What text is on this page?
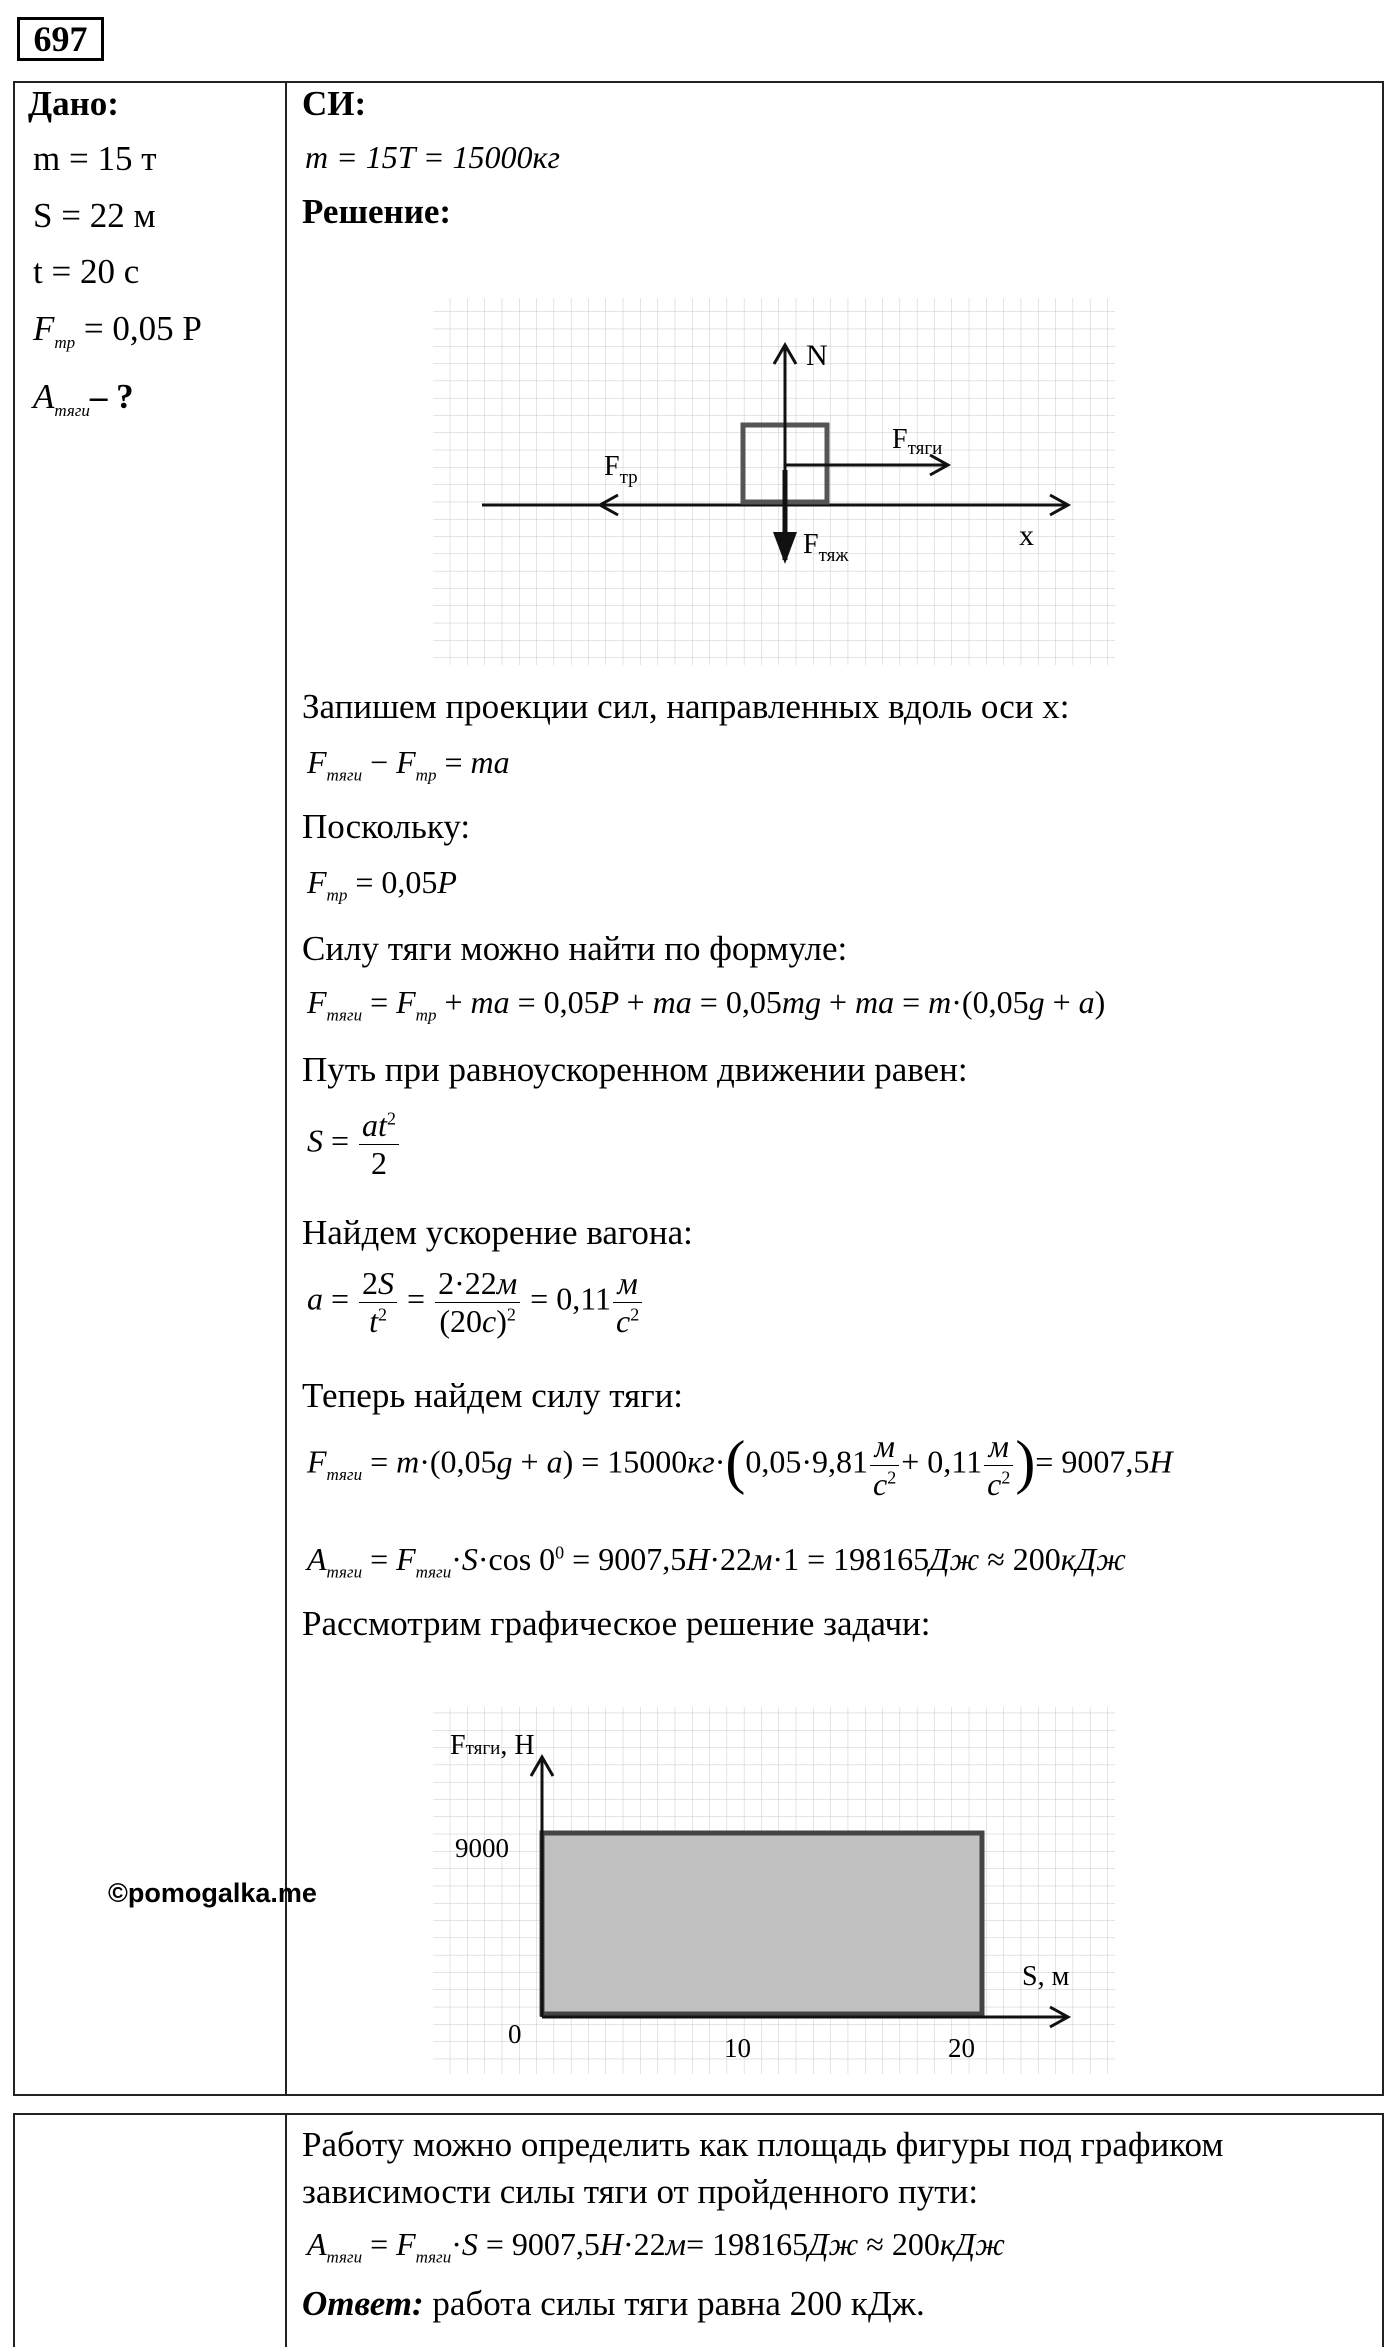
697
Дано:
m = 15 т
S = 22 м
t = 20 с
$F_{тр} = 0,05$ P
$A_{тяги}-$ ?
СИ:
m = 15T = 15000кг
Решение:
N
$F_{тяги}$
$F_{тр}$
$F_{тяж}$
x
Запишем проекции сил, направленных вдоль оси x:
$F_{тяги} - F_{тр}$ = ma
Поскольку:
$F_{тр} = 0,05P$
Силу тяги можно найти по формуле:
$F_{тяги} = F_{тр}$ + ma = 0,05P + ma = 0,05mg + ma = m·(0,05g + a)
Путь при равноускоренном движении равен:
$S = \frac{at^2}{2}$
Найдем ускорение вагона:
$a = \frac{2S}{t^2} = \frac{2\cdot 22м}{(20с)^2} = 0,11 \frac{м}{с^2}$
Теперь найдем силу тяги:
$F_{тяги} = m\cdot(0,05g + a) = 15000кг\cdot(0,05\cdot 9,81 \frac{м}{с^2} + 0,11 \frac{м}{с^2}$ )= 9007,5Н
$A_{тяги} = F_{тяги}\cdot S\cdot\cos$ $0^0 = 9007,5Н\cdot 22м\cdot 1 = 198165Дж \approx 200кДж$
Рассмотрим графическое решение задачи:
Fтяги, Н
S, м
9000
0	10	20
©pomogalka.me
Работу можно определить как площадь фигуры под графиком
зависимости силы тяги от пройденного пути:
$A_{тяги} = F_{тяги}\cdot S = 9007,5Н\cdot 22м= 198165Дж \approx 200кДж$
Ответ: работа силы тяги равна 200 кДж.
